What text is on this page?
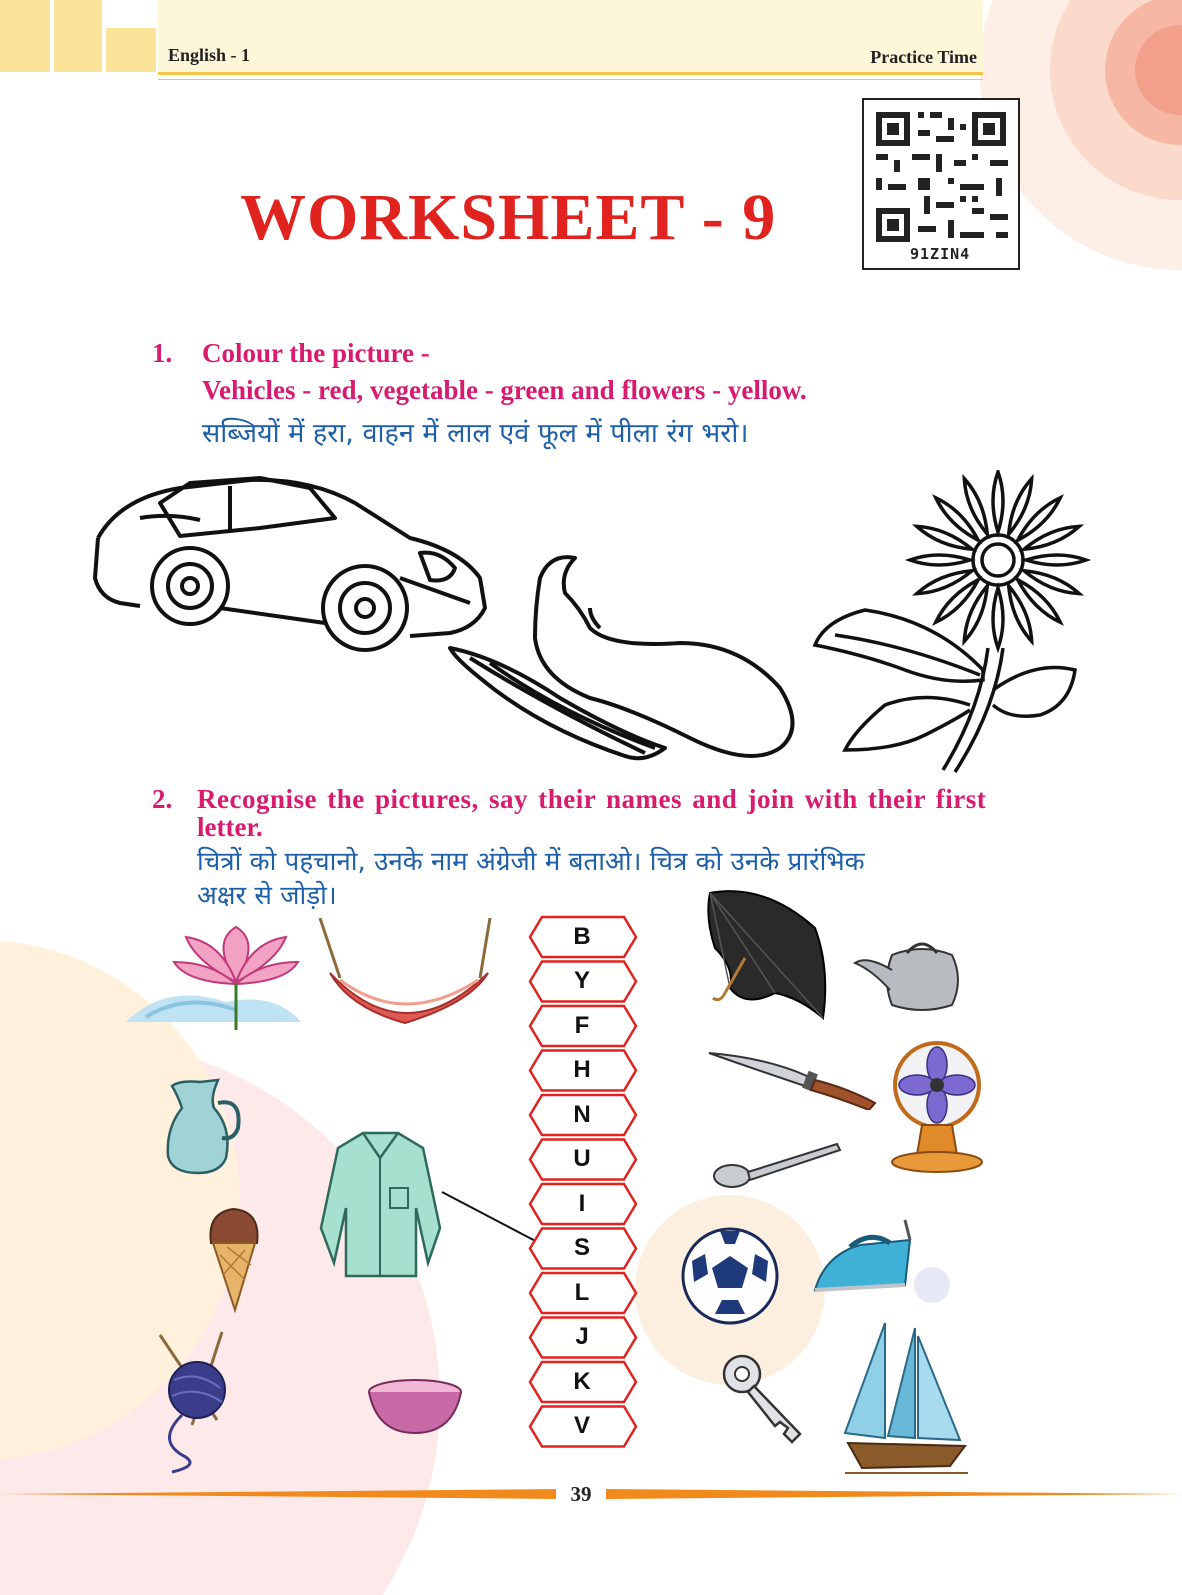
English - 1	Practice Time
WORKSHEET - 9	91ZIN4
1. Colour the picture -
Vehicles - red, vegetable - green and flowers - yellow.
सब्जियों में हरा, वाहन में लाल एवं फूल में पीला रंग भरो।
2. Recognise the pictures, say their names and join with their first
letter.
चित्रों को पहचानो, उनके नाम अंग्रेजी में बताओ। चित्र को उनके प्रारंभिक
अक्षर से जोड़ो।
B
Y
F
H
N
U
I
S
L
J
K
V
39
